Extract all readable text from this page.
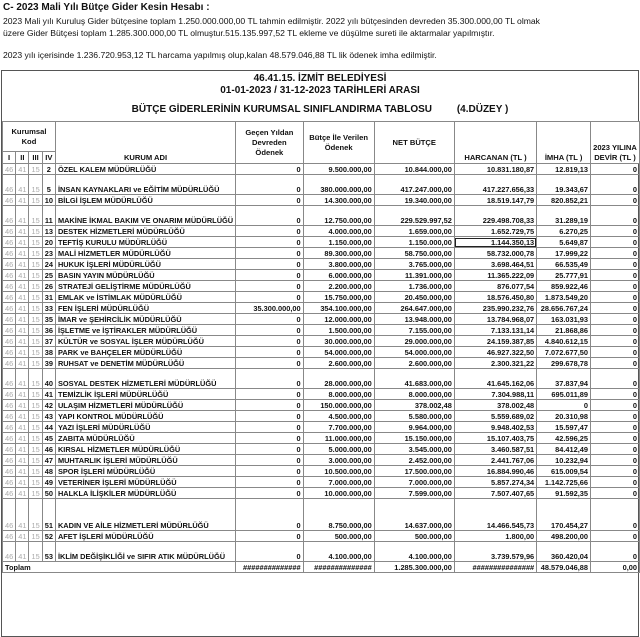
C- 2023 Mali Yılı Bütçe Gider Kesin Hesabı :
2023 Mali yılı Kuruluş Gider bütçesine toplam 1.250.000.000,00 TL tahmin edilmiştir. 2022 yılı bütçesinden devreden 35.300.000,00 TL olmak
üzere Gider Bütçesi toplam 1.285.300.000,00 TL olmuştur.515.135.997,52 TL ekleme ve düşülme sureti ile aktarmalar yapılmıştır.
2023 yılı içerisinde 1.236.720.953,12 TL harcama yapılmış olup,kalan 48.579.046,88 TL lik ödenek imha edilmiştir.
46.41.15. İZMİT BELEDİYESİ
01-01-2023 / 31-12-2023 TARİHLERİ ARASI
BÜTÇE GİDERLERİNİN KURUMSAL SINIFLANDIRMA TABLOSU (4.DÜZEY )
Kurumsal Kod				KURUM ADI	Geçen Yıldan Devreden Ödenek	Bütçe İle Verilen Ödenek	NET BÜTÇE	HARCANAN (TL )	İMHA (TL )	2023 YILINA DEVİR (TL )
I	II	III	IV							
46	41	15	2	ÖZEL KALEM MÜDÜRLÜĞÜ	0	9.500.000,00	10.844.000,00	10.831.180,87	12.819,13	0
46	41	15	5	İNSAN KAYNAKLARI ve EĞİTİM MÜDÜRLÜĞÜ	0	380.000.000,00	417.247.000,00	417.227.656,33	19.343,67	0
46	41	15	10	BİLGİ İŞLEM MÜDÜRLÜĞÜ	0	14.300.000,00	19.340.000,00	18.519.147,79	820.852,21	0
46	41	15	11	MAKİNE İKMAL BAKIM VE ONARIM MÜDÜRLÜĞÜ	0	12.750.000,00	229.529.997,52	229.498.708,33	31.289,19	0
46	41	15	13	DESTEK HİZMETLERİ MÜDÜRLÜĞÜ	0	4.000.000,00	1.659.000,00	1.652.729,75	6.270,25	0
46	41	15	20	TEFTİŞ KURULU MÜDÜRLÜĞÜ	0	1.150.000,00	1.150.000,00	1.144.350,13	5.649,87	0
46	41	15	23	MALİ HİZMETLER MÜDÜRLÜĞÜ	0	89.300.000,00	58.750.000,00	58.732.000,78	17.999,22	0
46	41	15	24	HUKUK İŞLERİ MÜDÜRLÜĞÜ	0	3.800.000,00	3.765.000,00	3.698.464,51	66.535,49	0
46	41	15	25	BASIN YAYIN MÜDÜRLÜĞÜ	0	6.000.000,00	11.391.000,00	11.365.222,09	25.777,91	0
46	41	15	26	STRATEJİ GELİŞTİRME MÜDÜRLÜĞÜ	0	2.200.000,00	1.736.000,00	876.077,54	859.922,46	0
46	41	15	31	EMLAK ve İSTİMLAK MÜDÜRLÜĞÜ	0	15.750.000,00	20.450.000,00	18.576.450,80	1.873.549,20	0
46	41	15	33	FEN İŞLERİ MÜDÜRLÜĞÜ	35.300.000,00	354.100.000,00	264.647.000,00	235.990.232,76	28.656.767,24	0
46	41	15	35	İMAR ve ŞEHİRCİLİK MÜDÜRLÜĞÜ	0	12.000.000,00	13.948.000,00	13.784.968,07	163.031,93	0
46	41	15	36	İŞLETME ve İŞTİRAKLER MÜDÜRLÜĞÜ	0	1.500.000,00	7.155.000,00	7.133.131,14	21.868,86	0
46	41	15	37	KÜLTÜR ve SOSYAL İŞLER MÜDÜRLÜĞÜ	0	30.000.000,00	29.000.000,00	24.159.387,85	4.840.612,15	0
46	41	15	38	PARK ve BAHÇELER MÜDÜRLÜĞÜ	0	54.000.000,00	54.000.000,00	46.927.322,50	7.072.677,50	0
46	41	15	39	RUHSAT ve DENETİM MÜDÜRLÜĞÜ	0	2.600.000,00	2.600.000,00	2.300.321,22	299.678,78	0
46	41	15	40	SOSYAL DESTEK HİZMETLERİ MÜDÜRLÜĞÜ	0	28.000.000,00	41.683.000,00	41.645.162,06	37.837,94	0
46	41	15	41	TEMİZLİK İŞLERİ MÜDÜRLÜĞÜ	0	8.000.000,00	8.000.000,00	7.304.988,11	695.011,89	0
46	41	15	42	ULAŞIM HİZMETLERİ MÜDÜRLÜĞÜ	0	150.000.000,00	378.002,48	378.002,48	0	0
46	41	15	43	YAPI KONTROL MÜDÜRLÜĞÜ	0	4.500.000,00	5.580.000,00	5.559.689,02	20.310,98	0
46	41	15	44	YAZI İŞLERİ MÜDÜRLÜĞÜ	0	7.700.000,00	9.964.000,00	9.948.402,53	15.597,47	0
46	41	15	45	ZABITA MÜDÜRLÜĞÜ	0	11.000.000,00	15.150.000,00	15.107.403,75	42.596,25	0
46	41	15	46	KIRSAL HİZMETLER MÜDÜRLÜĞÜ	0	5.000.000,00	3.545.000,00	3.460.587,51	84.412,49	0
46	41	15	47	MUHTARLIK İŞLERİ MÜDÜRLÜĞÜ	0	3.000.000,00	2.452.000,00	2.441.767,06	10.232,94	0
46	41	15	48	SPOR İŞLERİ MÜDÜRLÜĞÜ	0	10.500.000,00	17.500.000,00	16.884.990,46	615.009,54	0
46	41	15	49	VETERİNER İŞLERİ MÜDÜRLÜĞÜ	0	7.000.000,00	7.000.000,00	5.857.274,34	1.142.725,66	0
46	41	15	50	HALKLA İLİŞKİLER MÜDÜRLÜĞÜ	0	10.000.000,00	7.599.000,00	7.507.407,65	91.592,35	0
46	41	15	51	KADIN VE AİLE HİZMETLERİ MÜDÜRLÜĞÜ	0	8.750.000,00	14.637.000,00	14.466.545,73	170.454,27	0
46	41	15	52	AFET İŞLERİ MÜDÜRLÜĞÜ	0	500.000,00	500.000,00	1.800,00	498.200,00	0
46	41	15	53	İKLİM DEĞİŞİKLİĞİ ve SIFIR ATIK MÜDÜRLÜĞÜ	0	4.100.000,00	4.100.000,00	3.739.579,96	360.420,04	0
Toplam					##############	##############	1.285.300.000,00	###############	48.579.046,88	0,00
